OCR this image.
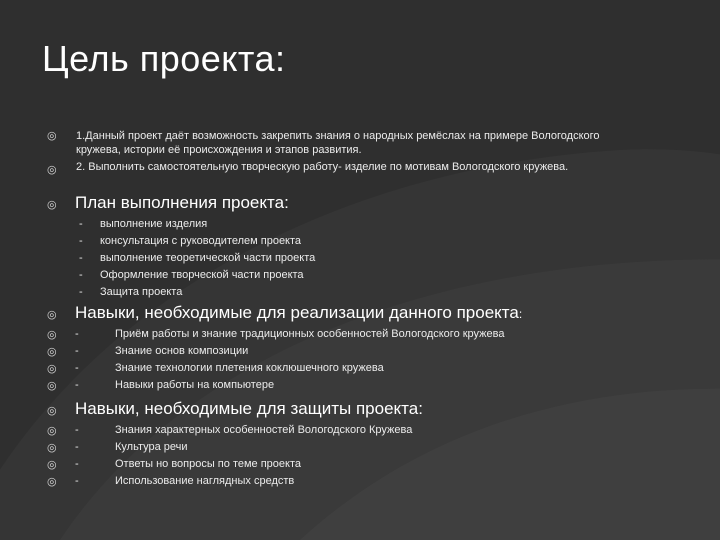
Цель проекта:
◎
◎
1.Данный проект даёт возможность закрепить знания о народных ремёслах на примере Вологодского кружева, истории её происхождения и этапов развития.
2. Выполнить самостоятельную творческую работу- изделие по мотивам Вологодского кружева.
◎ План выполнения проекта:
- выполнение изделия
- консультация с руководителем проекта
- выполнение теоретической части проекта
- Оформление творческой части проекта
- Защита проекта
◎ Навыки, необходимые для реализации данного проекта:
◎ -	Приём работы и знание традиционных особенностей Вологодского кружева
◎ -	Знание основ композиции
◎ -	Знание технологии плетения коклюшечного кружева
◎ -	Навыки работы на компьютере
◎ Навыки, необходимые для защиты проекта:
◎ -	Знания характерных особенностей Вологодского Кружева
◎ -	Культура речи
◎ -	Ответы но вопросы по теме проекта
◎ -	Использование наглядных средств
